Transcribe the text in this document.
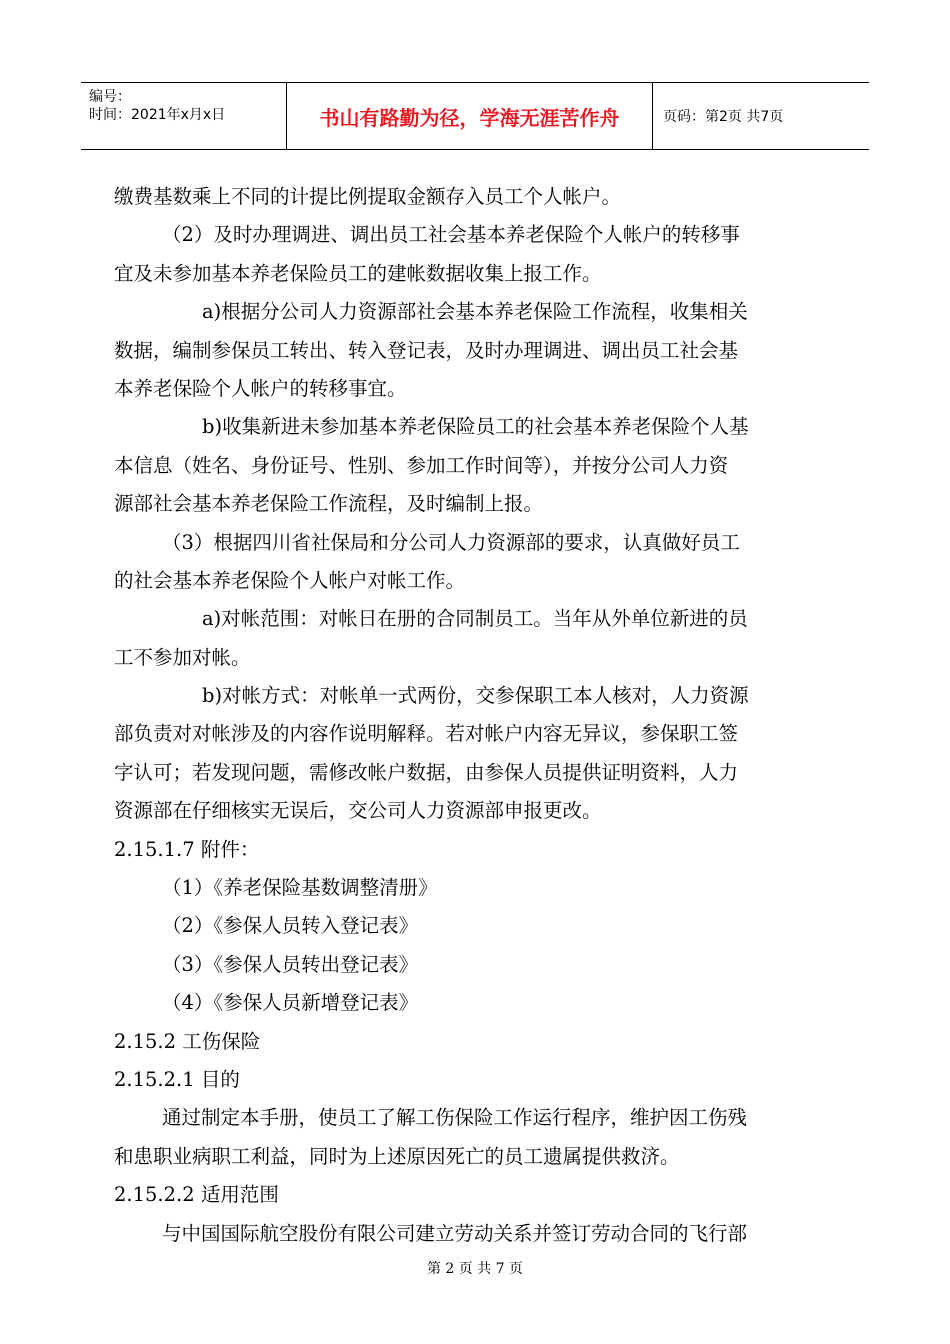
编号：
时间：2021年x月x日	书山有路勤为径，学海无涯苦作舟	页码：第2页 共7页
缴费基数乘上不同的计提比例提取金额存入员工个人帐户。
（2）及时办理调进、调出员工社会基本养老保险个人帐户的转移事
宜及未参加基本养老保险员工的建帐数据收集上报工作。
a)根据分公司人力资源部社会基本养老保险工作流程，收集相关
数据，编制参保员工转出、转入登记表，及时办理调进、调出员工社会基
本养老保险个人帐户的转移事宜。
b)收集新进未参加基本养老保险员工的社会基本养老保险个人基
本信息（姓名、身份证号、性别、参加工作时间等），并按分公司人力资
源部社会基本养老保险工作流程，及时编制上报。
（3）根据四川省社保局和分公司人力资源部的要求，认真做好员工
的社会基本养老保险个人帐户对帐工作。
a)对帐范围：对帐日在册的合同制员工。当年从外单位新进的员
工不参加对帐。
b)对帐方式：对帐单一式两份，交参保职工本人核对，人力资源
部负责对对帐涉及的内容作说明解释。若对帐户内容无异议，参保职工签
字认可；若发现问题，需修改帐户数据，由参保人员提供证明资料，人力
资源部在仔细核实无误后，交公司人力资源部申报更改。
2.15.1.7 附件：
（1）《养老保险基数调整清册》
（2）《参保人员转入登记表》
（3）《参保人员转出登记表》
（4）《参保人员新增登记表》
2.15.2 工伤保险
2.15.2.1 目的
通过制定本手册，使员工了解工伤保险工作运行程序，维护因工伤残
和患职业病职工利益，同时为上述原因死亡的员工遗属提供救济。
2.15.2.2 适用范围
与中国国际航空股份有限公司建立劳动关系并签订劳动合同的飞行部
第 2 页 共 7 页
